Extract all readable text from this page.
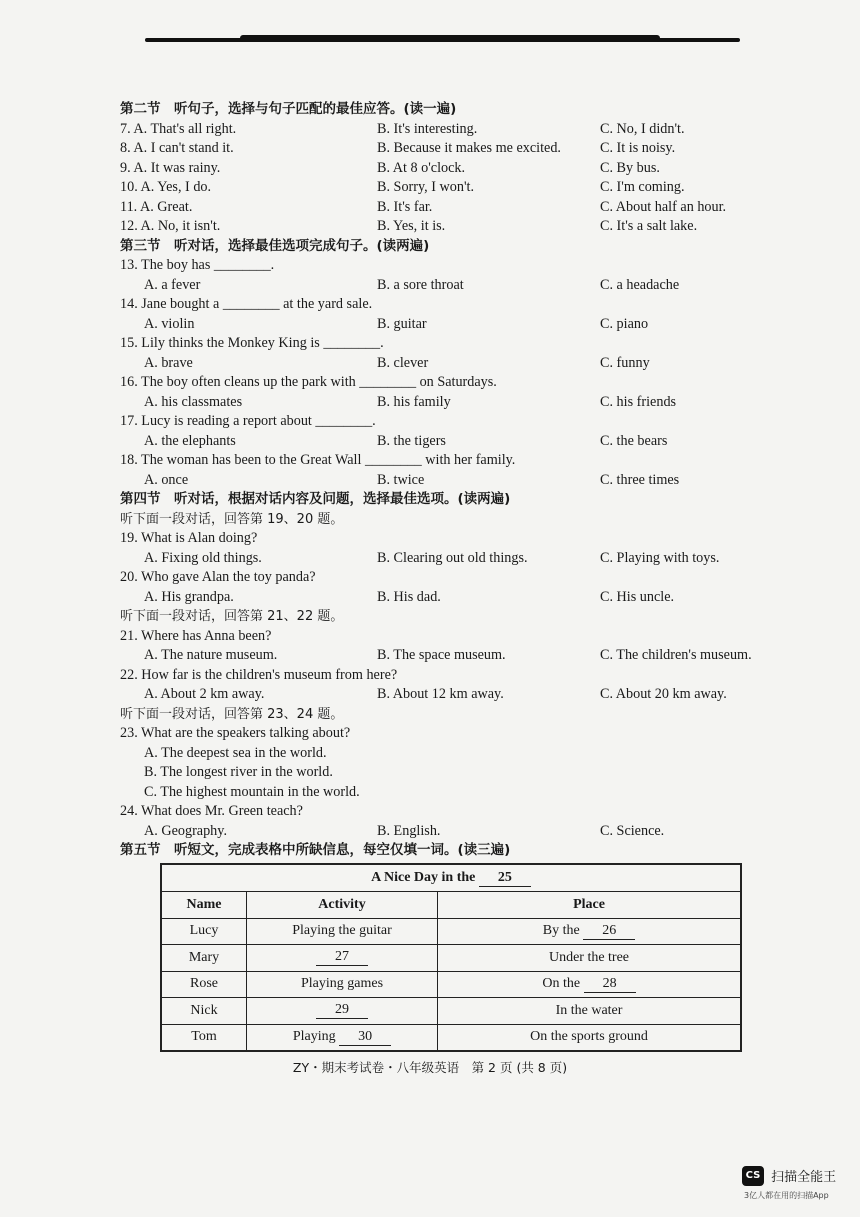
第二节　听句子，选择与句子匹配的最佳应答。(读一遍)
7. A. That's all right.	B. It's interesting.	C. No, I didn't.
8. A. I can't stand it.	B. Because it makes me excited.	C. It is noisy.
9. A. It was rainy.	B. At 8 o'clock.	C. By bus.
10. A. Yes, I do.	B. Sorry, I won't.	C. I'm coming.
11. A. Great.	B. It's far.	C. About half an hour.
12. A. No, it isn't.	B. Yes, it is.	C. It's a salt lake.
第三节　听对话，选择最佳选项完成句子。(读两遍)
13. The boy has ________.
A. a fever	B. a sore throat	C. a headache
14. Jane bought a ________ at the yard sale.
A. violin	B. guitar	C. piano
15. Lily thinks the Monkey King is ________.
A. brave	B. clever	C. funny
16. The boy often cleans up the park with ________ on Saturdays.
A. his classmates	B. his family	C. his friends
17. Lucy is reading a report about ________.
A. the elephants	B. the tigers	C. the bears
18. The woman has been to the Great Wall ________ with her family.
A. once	B. twice	C. three times
第四节　听对话，根据对话内容及问题，选择最佳选项。(读两遍)
听下面一段对话，回答第 19、20 题。
19. What is Alan doing?
A. Fixing old things.	B. Clearing out old things.	C. Playing with toys.
20. Who gave Alan the toy panda?
A. His grandpa.	B. His dad.	C. His uncle.
听下面一段对话，回答第 21、22 题。
21. Where has Anna been?
A. The nature museum.	B. The space museum.	C. The children's museum.
22. How far is the children's museum from here?
A. About 2 km away.	B. About 12 km away.	C. About 20 km away.
听下面一段对话，回答第 23、24 题。
23. What are the speakers talking about?
A. The deepest sea in the world.
B. The longest river in the world.
C. The highest mountain in the world.
24. What does Mr. Green teach?
A. Geography.	B. English.	C. Science.
第五节　听短文，完成表格中所缺信息，每空仅填一词。(读三遍)
A Nice Day in the 25		
Name	Activity	Place
Lucy	Playing the guitar	By the 26
Mary	27	Under the tree
Rose	Playing games	On the 28
Nick	29	In the water
Tom	Playing 30	On the sports ground
ZY・期末考试卷・八年级英语　第 2 页 (共 8 页)
CS 扫描全能王
3亿人都在用的扫描App
